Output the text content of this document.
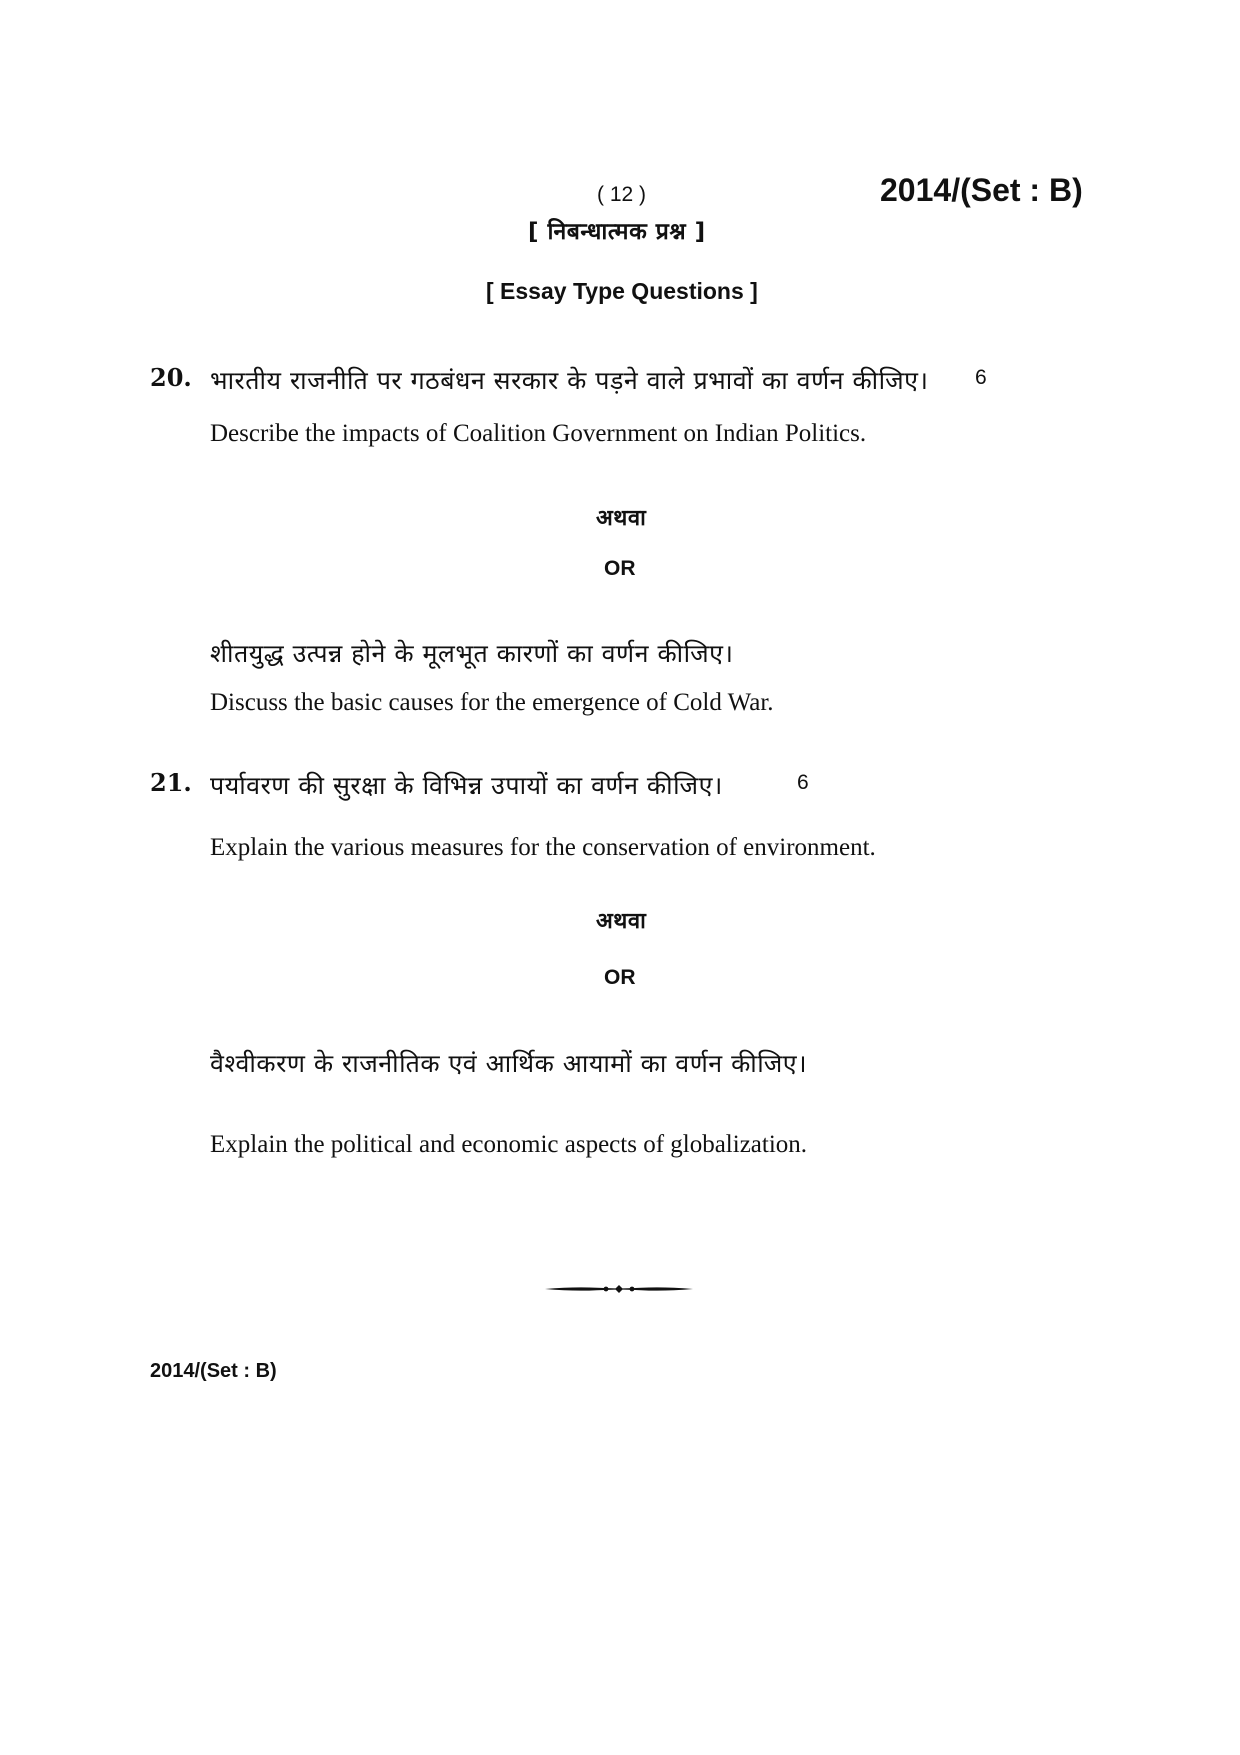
( 12 )	2014/(Set : B)
[ निबन्धात्मक प्रश्न ]
[ Essay Type Questions ]
20. भारतीय राजनीति पर गठबंधन सरकार के पड़ने वाले प्रभावों का वर्णन कीजिए। 6
Describe the impacts of Coalition Government on Indian Politics.
अथवा
OR
शीतयुद्ध उत्पन्न होने के मूलभूत कारणों का वर्णन कीजिए।
Discuss the basic causes for the emergence of Cold War.
21. पर्यावरण की सुरक्षा के विभिन्न उपायों का वर्णन कीजिए।	6
Explain the various measures for the conservation of environment.
अथवा
OR
वैश्वीकरण के राजनीतिक एवं आर्थिक आयामों का वर्णन कीजिए।
Explain the political and economic aspects of globalization.
2014/(Set : B)
